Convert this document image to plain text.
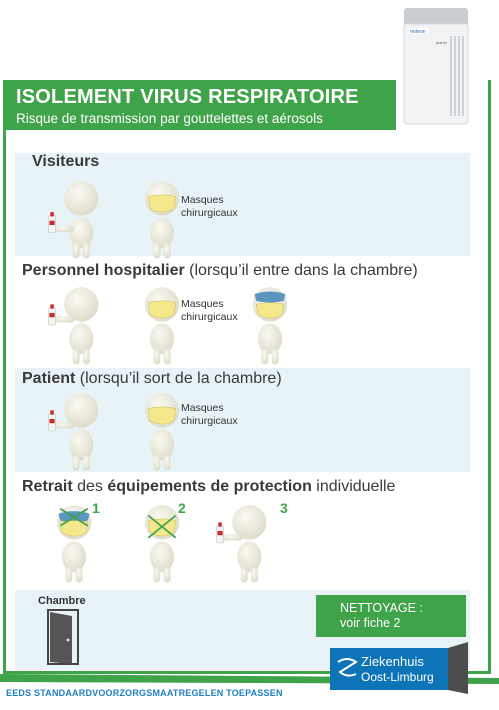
redeon
planet
ISOLEMENT VIRUS RESPIRATOIRE
Risque de transmission par gouttelettes et aérosols
Visiteurs
Personnel hospitalier (lorsqu’il entre dans la chambre)
Patient (lorsqu’il sort de la chambre)
Retrait des équipements de protection individuelle
Masques
chirurgicaux
Masques
chirurgicaux
Masques
chirurgicaux
1	2	3
Chambre	NETTOYAGE :
voir fiche 2
EEDS STANDAARDVOORZORGSMAATREGELEN TOEPASSEN
Ziekenhuis
Oost-Limburg
